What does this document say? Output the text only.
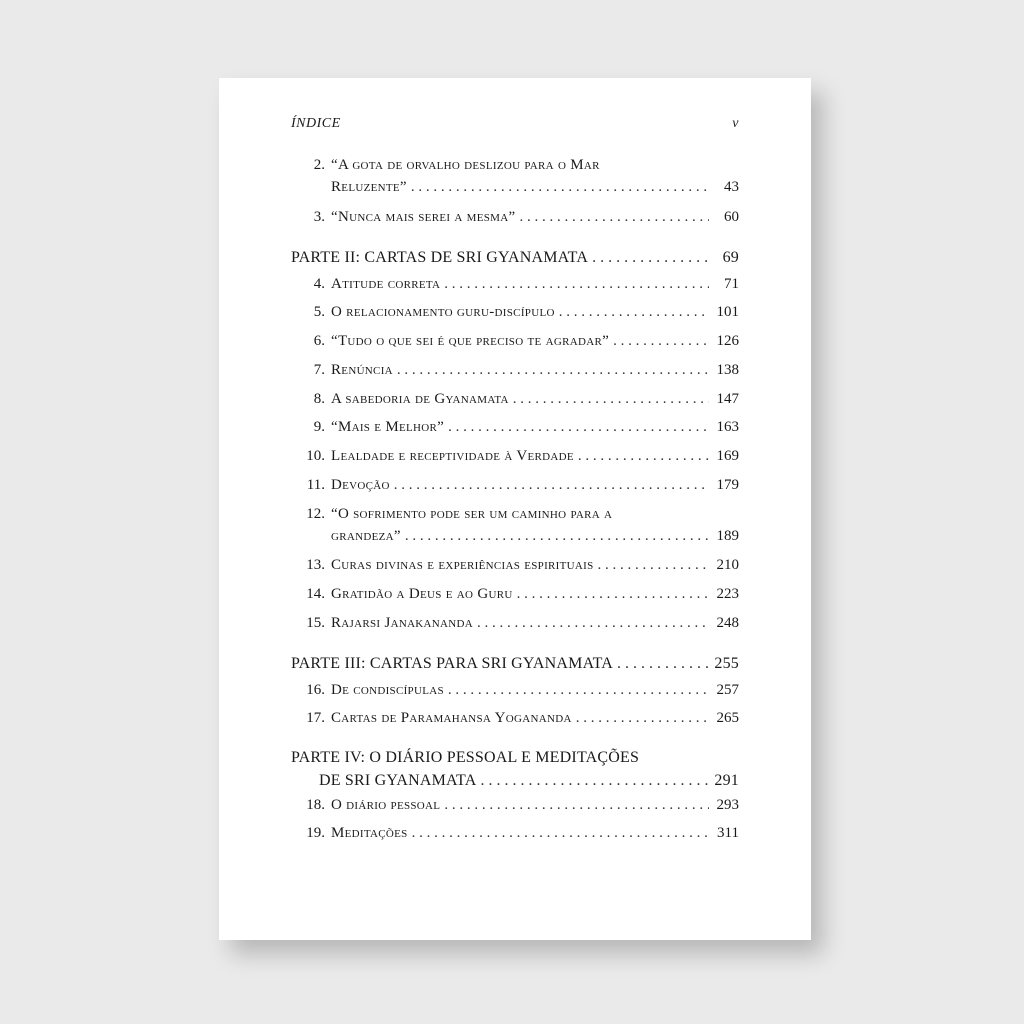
ÍNDICE	v
2. “A gota de orvalho deslizou para o Mar
Reluzente” . . .	43
3. “Nunca mais serei a mesma” . . .	60
PARTE II: CARTAS DE SRI GYANAMATA . . .	69
4. Atitude correta . . .	71
5. O relacionamento guru-discípulo . . .	101
6. “Tudo o que sei é que preciso te agradar” . . .	126
7. Renúncia . . .	138
8. A sabedoria de Gyanamata . . .	147
9. “Mais e Melhor” . . .	163
10. Lealdade e receptividade à Verdade . . .	169
11. Devoção . . .	179
12. “O sofrimento pode ser um caminho para a
grandeza” . . .	189
13. Curas divinas e experiências espirituais . . .	210
14. Gratidão a Deus e ao Guru . . .	223
15. Rajarsi Janakananda . . .	248
PARTE III: CARTAS PARA SRI GYANAMATA . . .	255
16. De condiscípulas . . .	257
17. Cartas de Paramahansa Yogananda . . .	265
PARTE IV: O DIÁRIO PESSOAL E MEDITAÇÕES
DE SRI GYANAMATA . . .	291
18. O diário pessoal . . .	293
19. Meditações . . .	311
